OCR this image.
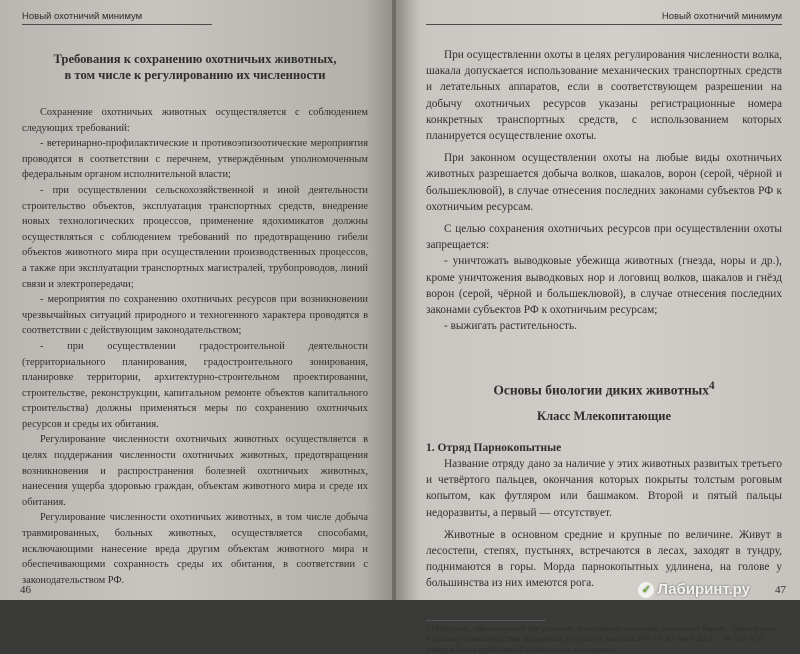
Новый охотничий минимум
Требования к сохранению охотничьих животных,
в том числе к регулированию их численности

Сохранение охотничьих животных осуществляется с соблюдением следующих требований:

- ветеринарно-профилактические и противоэпизоотические мероприятия проводятся в соответствии с перечнем, утверждённым уполномоченным федеральным органом исполнительной власти;

- при осуществлении сельскохозяйственной и иной деятельности строительство объектов, эксплуатация транспортных средств, внедрение новых технологических процессов, применение ядохимикатов должны осуществляться с соблюдением требований по предотвращению гибели объектов животного мира при осуществлении производственных процессов, а также при эксплуатации транспортных магистралей, трубопроводов, линий связи и электропередачи;

- мероприятия по сохранению охотничьих ресурсов при возникновении чрезвычайных ситуаций природного и техногенного характера проводятся в соответствии с действующим законодательством;

- при осуществлении градостроительной деятельности (территориального планирования, градостроительного зонирования, планировке территории, архитектурно-строительном проектировании, строительстве, реконструкции, капитальном ремонте объектов капитального строительства) должны применяться меры по сохранению охотничьих ресурсов и среды их обитания.

Регулирование численности охотничьих животных осуществляется в целях поддержания численности охотничьих животных, предотвращения возникновения и распространения болезней охотничьих животных, нанесения ущерба здоровью граждан, объектам животного мира и среде их обитания.

Регулирование численности охотничьих животных, в том числе добыча травмированных, больных животных, осуществляется способами, исключающими нанесение вреда другим объектам животного мира и обеспечивающими сохранность среды их обитания, в соответствии с законодательством РФ.

46
Новый охотничий минимум

При осуществлении охоты в целях регулирования численности волка, шакала допускается использование механических транспортных средств и летательных аппаратов, если в соответствующем разрешении на добычу охотничьих ресурсов указаны регистрационные номера конкретных транспортных средств, с использованием которых планируется осуществление охоты.

При законном осуществлении охоты на любые виды охотничьих животных разрешается добыча волков, шакалов, ворон (серой, чёрной и большеклювой), в случае отнесения последних законами субъектов РФ к охотничьим ресурсам.

С целью сохранения охотничьих ресурсов при осуществлении охоты запрещается:

- уничтожать выводковые убежища животных (гнезда, норы и др.), кроме уничтожения выводковых нор и логовищ волков, шакалов и гнёзд ворон (серой, чёрной и большеклювой), в случае отнесения последних законами субъектов РФ к охотничьим ресурсам;

- выжигать растительность.

Основы биологии диких животных$^4$
Класс Млекопитающие
1. Отряд Парнокопытные

Название отряду дано за наличие у этих животных развитых третьего и четвёртого пальцев, окончания которых покрыты толстым роговым копытом, как футляром или башмаком. Второй и пятый пальцы недоразвиты, а первый — отсутствует.

Животные в основном средние и крупные по величине. Живут в лесостепи, степях, пустынях, встречаются в лесах, заходят в тундру, поднимаются в горы. Морда парнокопытных удлинена, на голове у большинства из них имеются рога.

⁴ Материал, обязательный для усвоения желающими получить охотничий билет. Приложение к Приказу Министерства природных ресурсов и экологии РФ от 30 июня 2011 г. № 568 «Об утверждении требований охотничьего минимума».
✓ Лабиринт.ру 47
